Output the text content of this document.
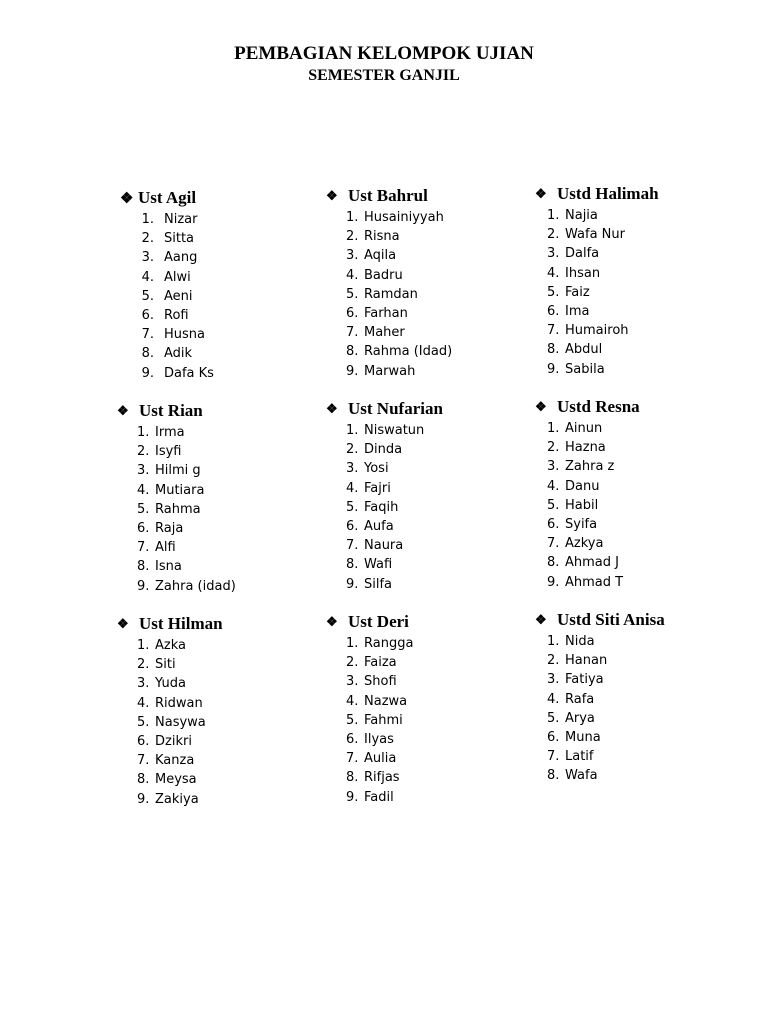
PEMBAGIAN KELOMPOK UJIAN
SEMESTER GANJIL
❖ Ust Agil
1. Nizar
2. Sitta
3. Aang
4. Alwi
5. Aeni
6. Rofi
7. Husna
8. Adik
9. Dafa Ks
❖ Ust Bahrul
1. Husainiyyah
2. Risna
3. Aqila
4. Badru
5. Ramdan
6. Farhan
7. Maher
8. Rahma (Idad)
9. Marwah
❖ Ustd Halimah
1. Najia
2. Wafa Nur
3. Dalfa
4. Ihsan
5. Faiz
6. Ima
7. Humairoh
8. Abdul
9. Sabila
❖ Ust Rian
1. Irma
2. Isyfi
3. Hilmi g
4. Mutiara
5. Rahma
6. Raja
7. Alfi
8. Isna
9. Zahra (idad)
❖ Ust Nufarian
1. Niswatun
2. Dinda
3. Yosi
4. Fajri
5. Faqih
6. Aufa
7. Naura
8. Wafi
9. Silfa
❖ Ustd Resna
1. Ainun
2. Hazna
3. Zahra z
4. Danu
5. Habil
6. Syifa
7. Azkya
8. Ahmad J
9. Ahmad T
❖ Ust Hilman
1. Azka
2. Siti
3. Yuda
4. Ridwan
5. Nasywa
6. Dzikri
7. Kanza
8. Meysa
9. Zakiya
❖ Ust Deri
1. Rangga
2. Faiza
3. Shofi
4. Nazwa
5. Fahmi
6. Ilyas
7. Aulia
8. Rifjas
9. Fadil
❖ Ustd Siti Anisa
1. Nida
2. Hanan
3. Fatiya
4. Rafa
5. Arya
6. Muna
7. Latif
8. Wafa
